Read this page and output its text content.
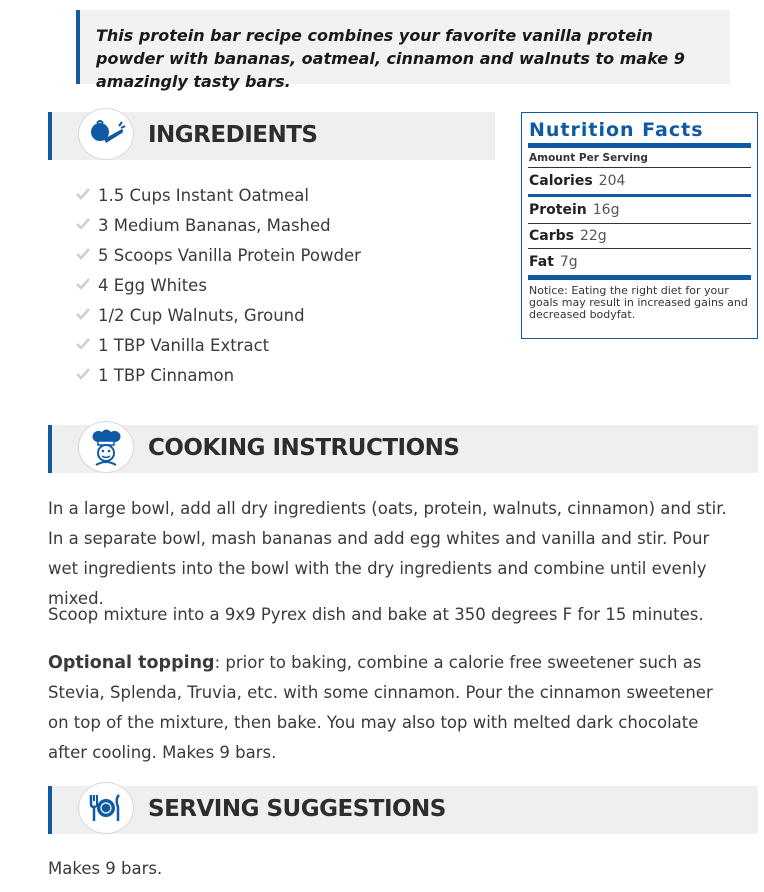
This protein bar recipe combines your favorite vanilla protein powder with bananas, oatmeal, cinnamon and walnuts to make 9 amazingly tasty bars.
INGREDIENTS
1.5 Cups Instant Oatmeal
3 Medium Bananas, Mashed
5 Scoops Vanilla Protein Powder
4 Egg Whites
1/2 Cup Walnuts, Ground
1 TBP Vanilla Extract
1 TBP Cinnamon
Nutrition Facts
Amount Per Serving
Calories 204
Protein 16g
Carbs 22g
Fat 7g
Notice: Eating the right diet for your goals may result in increased gains and decreased bodyfat.
COOKING INSTRUCTIONS

In a large bowl, add all dry ingredients (oats, protein, walnuts, cinnamon) and stir. In a separate bowl, mash bananas and add egg whites and vanilla and stir. Pour wet ingredients into the bowl with the dry ingredients and combine until evenly mixed.

Scoop mixture into a 9x9 Pyrex dish and bake at 350 degrees F for 15 minutes.

Optional topping: prior to baking, combine a calorie free sweetener such as Stevia, Splenda, Truvia, etc. with some cinnamon. Pour the cinnamon sweetener on top of the mixture, then bake. You may also top with melted dark chocolate after cooling. Makes 9 bars.

SERVING SUGGESTIONS

Makes 9 bars.
